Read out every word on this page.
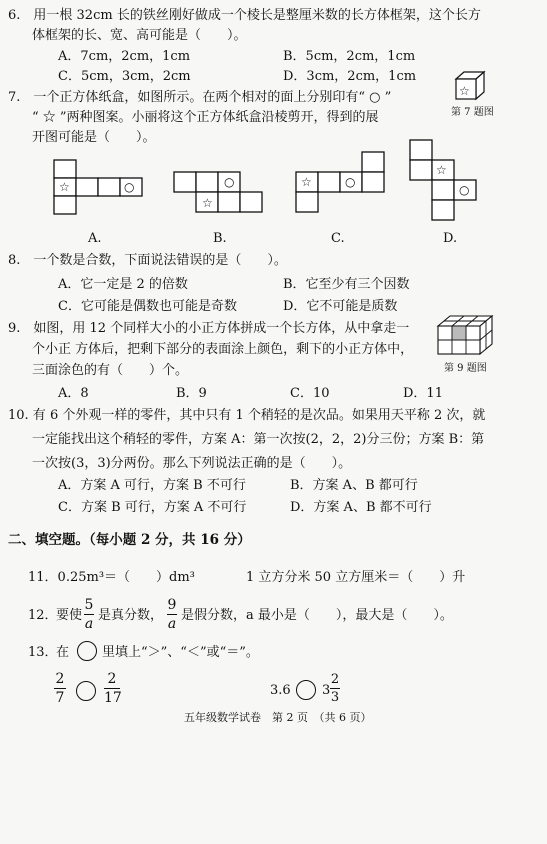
6.　用一根 32cm 长的铁丝刚好做成一个棱长是整厘米数的长方体框架，这个长方
体框架的长、宽、高可能是（　　）。
A．7cm，2cm，1cm	B．5cm，2cm，1cm
C．5cm，3cm，2cm	D．3cm，2cm，1cm
7.　一个正方体纸盒，如图所示。在两个相对的面上分别印有“ ○ ”
“ ☆ ”两种图案。小丽将这个正方体纸盒沿棱剪开，得到的展
开图可能是（　　）。
☆
第 7 题图
☆	○
A.
○
☆
B.
☆	○
C.
☆
○
D.
8.　一个数是合数，下面说法错误的是（　　）。
A．它一定是 2 的倍数	B．它至少有三个因数
C．它可能是偶数也可能是奇数	D．它不可能是质数
9.　如图，用 12 个同样大小的小正方体拼成一个长方体，从中拿走一
个小正 方体后，把剩下部分的表面涂上颜色，剩下的小正方体中，
三面涂色的有（　　）个。
A．8	B．9	C．10	D．11
第 9 题图
10. 有 6 个外观一样的零件，其中只有 1 个稍轻的是次品。如果用天平称 2 次，就
一定能找出这个稍轻的零件，方案 A：第一次按(2，2，2)分三份；方案 B：第
一次按(3，3)分两份。那么下列说法正确的是（　　）。
A．方案 A 可行，方案 B 不可行	B．方案 A、B 都可行
C．方案 B 可行，方案 A 不可行	D．方案 A、B 都不可行
二、填空题。（每小题 2 分，共 16 分）
11．0.25m³＝（　　）dm³	1 立方分米 50 立方厘米＝（　　）升
12．
要使
5
a
是真分数，
9
a
是假分数，a 最小是（　　），最大是（　　）。
13．
在	里填上“＞”、“＜”或“＝”。
2
7
2
17	3.6 3
2
3
五年级数学试卷　第 2 页　（共 6 页）
